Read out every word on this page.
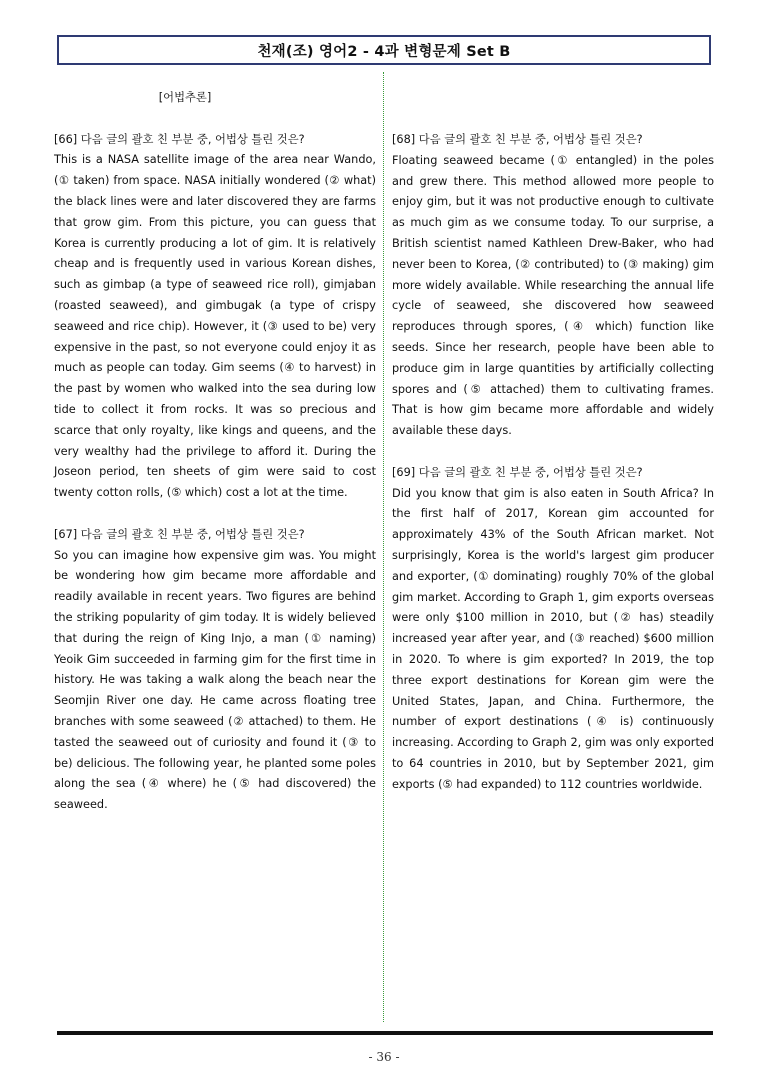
천재(조) 영어2 - 4과 변형문제 Set B

[어법추론]

[66] 다음 글의 괄호 친 부분 중, 어법상 틀린 것은?

This is a NASA satellite image of the area near Wando, (① taken) from space. NASA initially wondered (② what) the black lines were and later discovered they are farms that grow gim. From this picture, you can guess that Korea is currently producing a lot of gim. It is relatively cheap and is frequently used in various Korean dishes, such as gimbap (a type of seaweed rice roll), gimjaban (roasted seaweed), and gimbugak (a type of crispy seaweed and rice chip). However, it (③ used to be) very expensive in the past, so not everyone could enjoy it as much as people can today. Gim seems (④ to harvest) in the past by women who walked into the sea during low tide to collect it from rocks. It was so precious and scarce that only royalty, like kings and queens, and the very wealthy had the privilege to afford it. During the Joseon period, ten sheets of gim were said to cost twenty cotton rolls, (⑤ which) cost a lot at the time.

[67] 다음 글의 괄호 친 부분 중, 어법상 틀린 것은?

So you can imagine how expensive gim was. You might be wondering how gim became more affordable and readily available in recent years. Two figures are behind the striking popularity of gim today. It is widely believed that during the reign of King Injo, a man (① naming) Yeoik Gim succeeded in farming gim for the first time in history. He was taking a walk along the beach near the Seomjin River one day. He came across floating tree branches with some seaweed (② attached) to them. He tasted the seaweed out of curiosity and found it (③ to be) delicious. The following year, he planted some poles along the sea (④ where) he (⑤ had discovered) the seaweed.

[68] 다음 글의 괄호 친 부분 중, 어법상 틀린 것은?

Floating seaweed became (① entangled) in the poles and grew there. This method allowed more people to enjoy gim, but it was not productive enough to cultivate as much gim as we consume today. To our surprise, a British scientist named Kathleen Drew-Baker, who had never been to Korea, (② contributed) to (③ making) gim more widely available. While researching the annual life cycle of seaweed, she discovered how seaweed reproduces through spores, (④ which) function like seeds. Since her research, people have been able to produce gim in large quantities by artificially collecting spores and (⑤ attached) them to cultivating frames. That is how gim became more affordable and widely available these days.

[69] 다음 글의 괄호 친 부분 중, 어법상 틀린 것은?

Did you know that gim is also eaten in South Africa? In the first half of 2017, Korean gim accounted for approximately 43% of the South African market. Not surprisingly, Korea is the world's largest gim producer and exporter, (① dominating) roughly 70% of the global gim market. According to Graph 1, gim exports overseas were only $100 million in 2010, but (② has) steadily increased year after year, and (③ reached) $600 million in 2020. To where is gim exported? In 2019, the top three export destinations for Korean gim were the United States, Japan, and China. Furthermore, the number of export destinations (④ is) continuously increasing. According to Graph 2, gim was only exported to 64 countries in 2010, but by September 2021, gim exports (⑤ had expanded) to 112 countries worldwide.

- 36 -
